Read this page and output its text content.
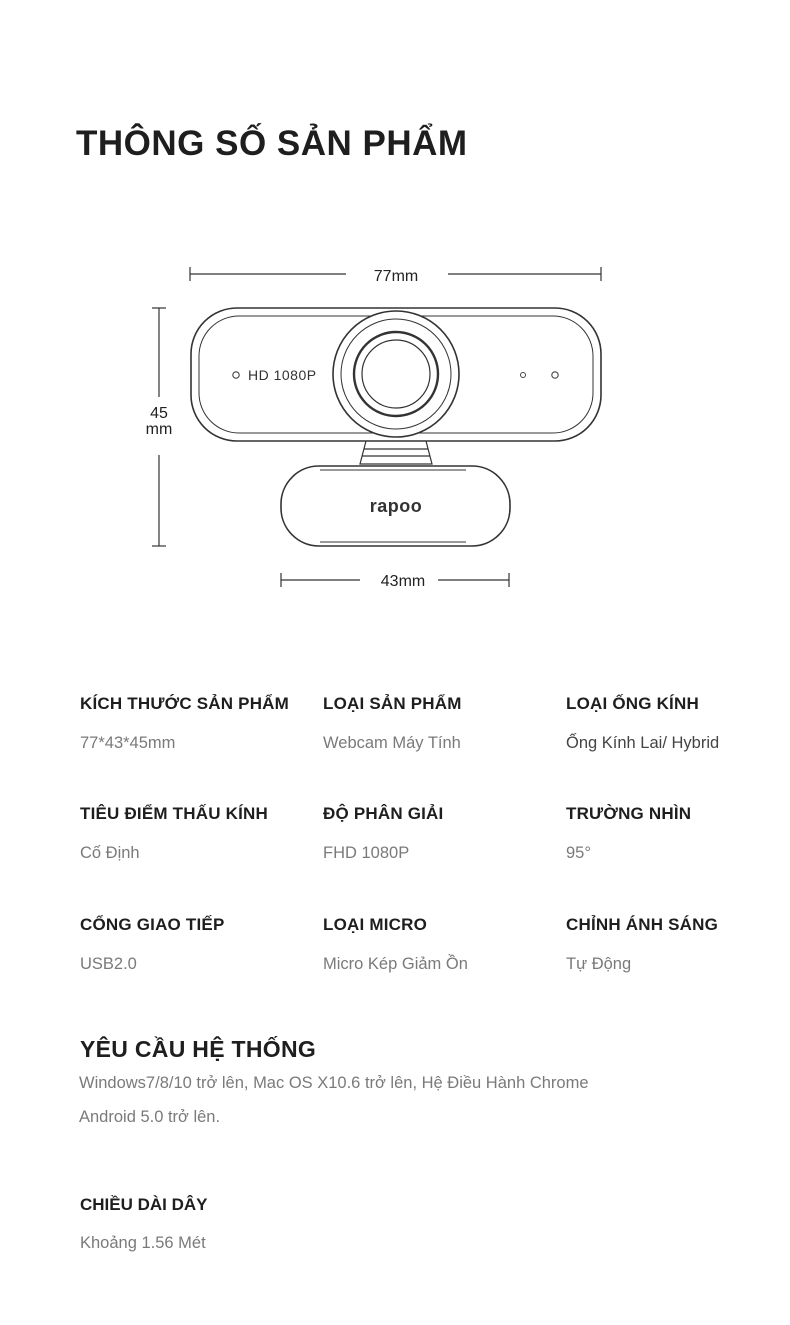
THÔNG SỐ SẢN PHẨM
77mm
45
mm
HD 1080P
rapoo
43mm
KÍCH THƯỚC SẢN PHẨM
77*43*45mm
LOẠI SẢN PHẨM
Webcam Máy Tính
LOẠI ỐNG KÍNH
Ống Kính Lai/ Hybrid
TIÊU ĐIỂM THẤU KÍNH
Cố Định
ĐỘ PHÂN GIẢI
FHD 1080P
TRƯỜNG NHÌN
95°
CỔNG GIAO TIẾP
USB2.0
LOẠI MICRO
Micro Kép Giảm Ồn
CHỈNH ÁNH SÁNG
Tự Động
YÊU CẦU HỆ THỐNG
Windows7/8/10 trở lên, Mac OS X10.6 trở lên, Hệ Điều Hành Chrome
Android 5.0 trở lên.
CHIỀU DÀI DÂY
Khoảng 1.56 Mét
